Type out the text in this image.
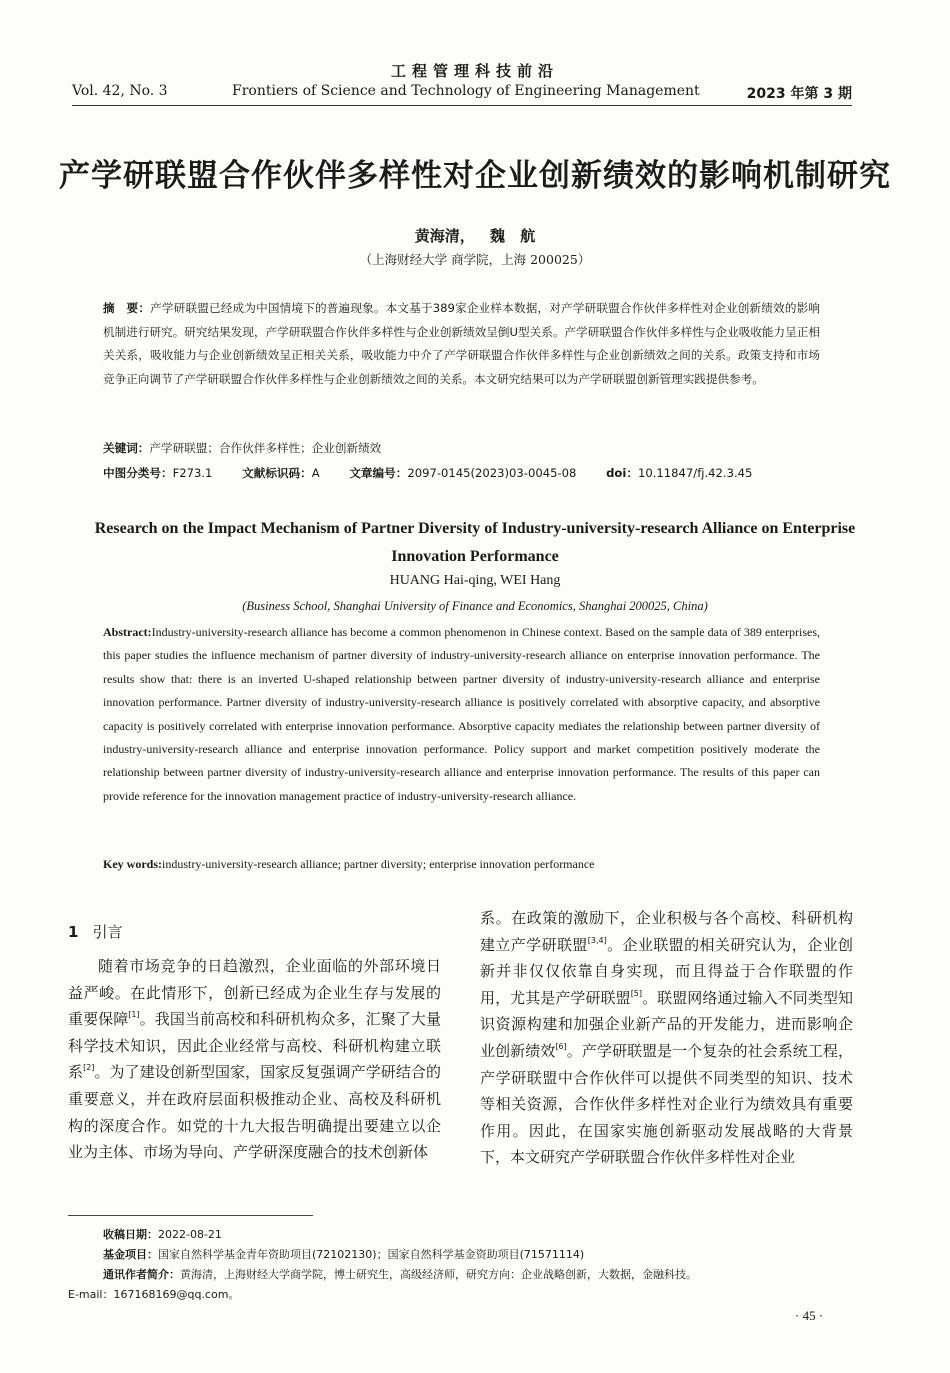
工程管理科技前沿
Vol. 42, No. 3	Frontiers of Science and Technology of Engineering Management	2023 年第 3 期
产学研联盟合作伙伴多样性对企业创新绩效的影响机制研究
黄海清， 魏 航
（上海财经大学 商学院，上海 200025）
摘　要：产学研联盟已经成为中国情境下的普遍现象。本文基于389家企业样本数据，对产学研联盟合作伙伴多样性对企业创新绩效的影响机制进行研究。研究结果发现，产学研联盟合作伙伴多样性与企业创新绩效呈倒U型关系。产学研联盟合作伙伴多样性与企业吸收能力呈正相关关系，吸收能力与企业创新绩效呈正相关关系，吸收能力中介了产学研联盟合作伙伴多样性与企业创新绩效之间的关系。政策支持和市场竞争正向调节了产学研联盟合作伙伴多样性与企业创新绩效之间的关系。本文研究结果可以为产学研联盟创新管理实践提供参考。
关键词：产学研联盟；合作伙伴多样性；企业创新绩效
中图分类号：F273.1	文献标识码：A	文章编号：2097-0145(2023)03-0045-08	doi：10.11847/fj.42.3.45
Research on the Impact Mechanism of Partner Diversity of Industry-university-research Alliance on Enterprise Innovation Performance
HUANG Hai-qing, WEI Hang
(Business School, Shanghai University of Finance and Economics, Shanghai 200025, China)
Abstract:Industry-university-research alliance has become a common phenomenon in Chinese context. Based on the sample data of 389 enterprises, this paper studies the influence mechanism of partner diversity of industry-university-research alliance on enterprise innovation performance. The results show that: there is an inverted U-shaped relationship between partner diversity of industry-university-research alliance and enterprise innovation performance. Partner diversity of industry-university-research alliance is positively correlated with absorptive capacity, and absorptive capacity is positively correlated with enterprise innovation performance. Absorptive capacity mediates the relationship between partner diversity of industry-university-research alliance and enterprise innovation performance. Policy support and market competition positively moderate the relationship between partner diversity of industry-university-research alliance and enterprise innovation performance. The results of this paper can provide reference for the innovation management practice of industry-university-research alliance.
Key words:industry-university-research alliance; partner diversity; enterprise innovation performance
1 引言
随着市场竞争的日趋激烈，企业面临的外部环境日益严峻。在此情形下，创新已经成为企业生存与发展的重要保障[1]。我国当前高校和科研机构众多，汇聚了大量科学技术知识，因此企业经常与高校、科研机构建立联系[2]。为了建设创新型国家，国家反复强调产学研结合的重要意义，并在政府层面积极推动企业、高校及科研机构的深度合作。如党的十九大报告明确提出要建立以企业为主体、市场为导向、产学研深度融合的技术创新体
系。在政策的激励下，企业积极与各个高校、科研机构建立产学研联盟[3,4]。企业联盟的相关研究认为，企业创新并非仅仅依靠自身实现，而且得益于合作联盟的作用，尤其是产学研联盟[5]。联盟网络通过输入不同类型知识资源构建和加强企业新产品的开发能力，进而影响企业创新绩效[6]。产学研联盟是一个复杂的社会系统工程，产学研联盟中合作伙伴可以提供不同类型的知识、技术等相关资源，合作伙伴多样性对企业行为绩效具有重要作用。因此，在国家实施创新驱动发展战略的大背景下，本文研究产学研联盟合作伙伴多样性对企业
收稿日期：2022-08-21
基金项目：国家自然科学基金青年资助项目(72102130)；国家自然科学基金资助项目(71571114)
通讯作者简介：黄海清，上海财经大学商学院，博士研究生，高级经济师，研究方向：企业战略创新，大数据，金融科技。
E-mail：167168169@qq.com。
· 45 ·
